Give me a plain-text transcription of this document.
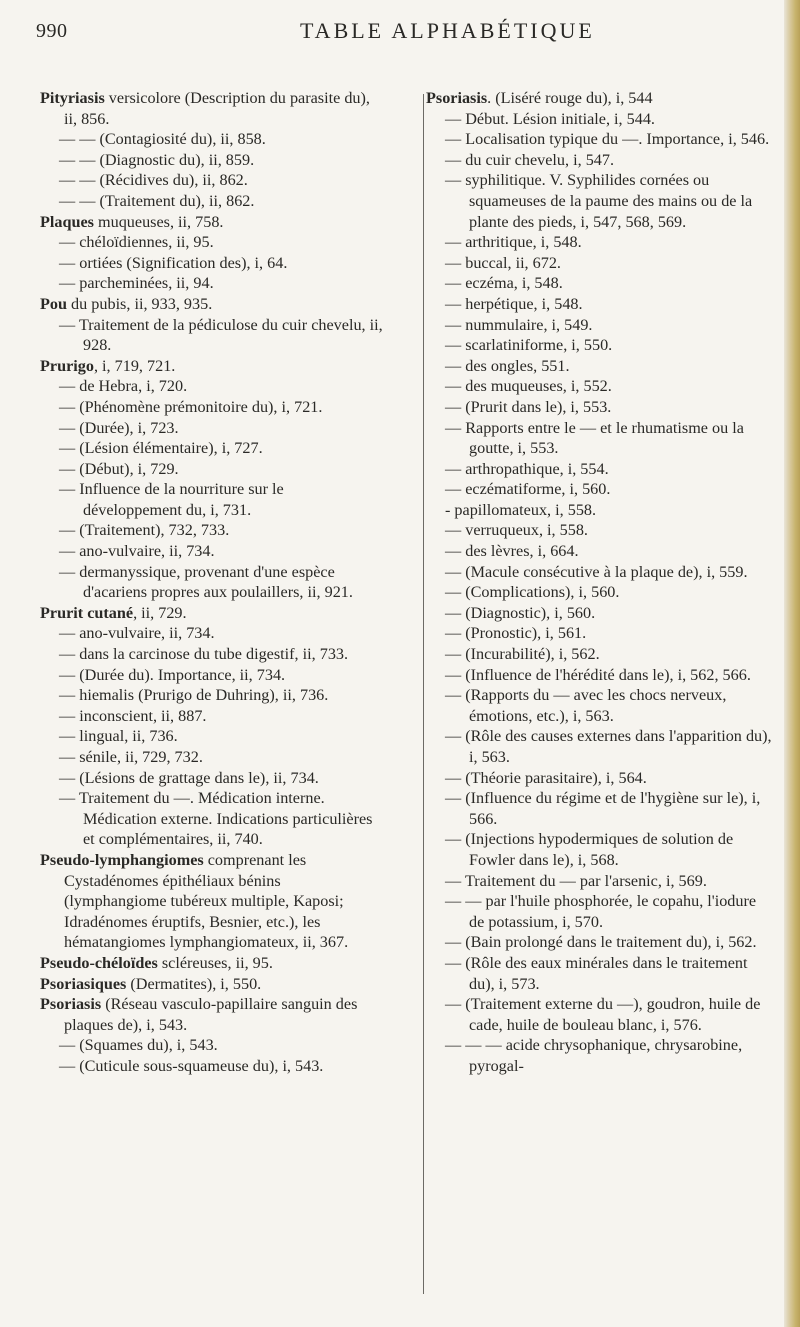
990	TABLE ALPHABÉTIQUE

Pityriasis versicolore (Description du parasite du), ii, 856.

— — (Contagiosité du), ii, 858.

— — (Diagnostic du), ii, 859.

— — (Récidives du), ii, 862.

— — (Traitement du), ii, 862.

Plaques muqueuses, ii, 758.

— chéloïdiennes, ii, 95.

— ortiées (Signification des), i, 64.

— parcheminées, ii, 94.

Pou du pubis, ii, 933, 935.

— Traitement de la pédiculose du cuir chevelu, ii, 928.

Prurigo, i, 719, 721.

— de Hebra, i, 720.

— (Phénomène prémonitoire du), i, 721.

— (Durée), i, 723.

— (Lésion élémentaire), i, 727.

— (Début), i, 729.

— Influence de la nourriture sur le développement du, i, 731.

— (Traitement), 732, 733.

— ano-vulvaire, ii, 734.

— dermanyssique, provenant d'une espèce d'acariens propres aux poulaillers, ii, 921.

Prurit cutané, ii, 729.

— ano-vulvaire, ii, 734.

— dans la carcinose du tube digestif, ii, 733.

— (Durée du). Importance, ii, 734.

— hiemalis (Prurigo de Duhring), ii, 736.

— inconscient, ii, 887.

— lingual, ii, 736.

— sénile, ii, 729, 732.

— (Lésions de grattage dans le), ii, 734.

— Traitement du —. Médication interne. Médication externe. Indications particulières et complémentaires, ii, 740.

Pseudo-lymphangiomes comprenant les Cystadénomes épithéliaux bénins (lymphangiome tubéreux multiple, Kaposi; Idradénomes éruptifs, Besnier, etc.), les hématangiomes lymphangiomateux, ii, 367.

Pseudo-chéloïdes scléreuses, ii, 95.

Psoriasiques (Dermatites), i, 550.

Psoriasis (Réseau vasculo-papillaire sanguin des plaques de), i, 543.

— (Squames du), i, 543.

— (Cuticule sous-squameuse du), i, 543.

Psoriasis. (Liséré rouge du), i, 544

— Début. Lésion initiale, i, 544.

— Localisation typique du —. Importance, i, 546.

— du cuir chevelu, i, 547.

— syphilitique. V. Syphilides cornées ou squameuses de la paume des mains ou de la plante des pieds, i, 547, 568, 569.

— arthritique, i, 548.

— buccal, ii, 672.

— eczéma, i, 548.

— herpétique, i, 548.

— nummulaire, i, 549.

— scarlatiniforme, i, 550.

— des ongles, 551.

— des muqueuses, i, 552.

— (Prurit dans le), i, 553.

— Rapports entre le — et le rhumatisme ou la goutte, i, 553.

— arthropathique, i, 554.

— eczématiforme, i, 560.

- papillomateux, i, 558.

— verruqueux, i, 558.

— des lèvres, i, 664.

— (Macule consécutive à la plaque de), i, 559.

— (Complications), i, 560.

— (Diagnostic), i, 560.

— (Pronostic), i, 561.

— (Incurabilité), i, 562.

— (Influence de l'hérédité dans le), i, 562, 566.

— (Rapports du — avec les chocs nerveux, émotions, etc.), i, 563.

— (Rôle des causes externes dans l'apparition du), i, 563.

— (Théorie parasitaire), i, 564.

— (Influence du régime et de l'hygiène sur le), i, 566.

— (Injections hypodermiques de solution de Fowler dans le), i, 568.

— Traitement du — par l'arsenic, i, 569.

— — par l'huile phosphorée, le copahu, l'iodure de potassium, i, 570.

— (Bain prolongé dans le traitement du), i, 562.

— (Rôle des eaux minérales dans le traitement du), i, 573.

— (Traitement externe du —), goudron, huile de cade, huile de bouleau blanc, i, 576.

— — — acide chrysophanique, chrysarobine, pyrogal-
